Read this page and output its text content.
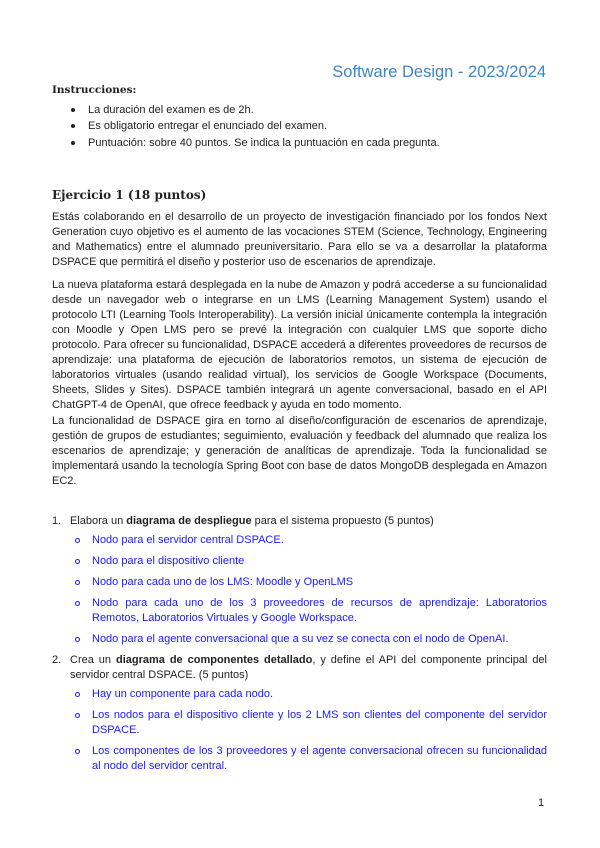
Software Design - 2023/2024
Instrucciones:
La duración del examen es de 2h.
Es obligatorio entregar el enunciado del examen.
Puntuación: sobre 40 puntos. Se indica la puntuación en cada pregunta.
Ejercicio 1 (18 puntos)

Estás colaborando en el desarrollo de un proyecto de investigación financiado por los fondos Next Generation cuyo objetivo es el aumento de las vocaciones STEM (Science, Technology, Engineering and Mathematics) entre el alumnado preuniversitario. Para ello se va a desarrollar la plataforma DSPACE que permitirá el diseño y posterior uso de escenarios de aprendizaje.

La nueva plataforma estará desplegada en la nube de Amazon y podrá accederse a su funcionalidad desde un navegador web o integrarse en un LMS (Learning Management System) usando el protocolo LTI (Learning Tools Interoperability). La versión inicial únicamente contempla la integración con Moodle y Open LMS pero se prevé la integración con cualquier LMS que soporte dicho protocolo. Para ofrecer su funcionalidad, DSPACE accederá a diferentes proveedores de recursos de aprendizaje: una plataforma de ejecución de laboratorios remotos, un sistema de ejecución de laboratorios virtuales (usando realidad virtual), los servicios de Google Workspace (Documents, Sheets, Slides y Sites). DSPACE también integrará un agente conversacional, basado en el API ChatGPT-4 de OpenAI, que ofrece feedback y ayuda en todo momento.

La funcionalidad de DSPACE gira en torno al diseño/configuración de escenarios de aprendizaje, gestión de grupos de estudiantes; seguimiento, evaluación y feedback del alumnado que realiza los escenarios de aprendizaje; y generación de analíticas de aprendizaje. Toda la funcionalidad se implementará usando la tecnología Spring Boot con base de datos MongoDB desplegada en Amazon EC2.

1. Elabora un diagrama de despliegue para el sistema propuesto (5 puntos)
Nodo para el servidor central DSPACE.
Nodo para el dispositivo cliente
Nodo para cada uno de los LMS: Moodle y OpenLMS
Nodo para cada uno de los 3 proveedores de recursos de aprendizaje: Laboratorios Remotos, Laboratorios Virtuales y Google Workspace.
Nodo para el agente conversacional que a su vez se conecta con el nodo de OpenAI.
2. Crea un diagrama de componentes detallado, y define el API del componente principal del servidor central DSPACE. (5 puntos)
Hay un componente para cada nodo.
Los nodos para el dispositivo cliente y los 2 LMS son clientes del componente del servidor DSPACE.
Los componentes de los 3 proveedores y el agente conversacional ofrecen su funcionalidad al nodo del servidor central.
1
